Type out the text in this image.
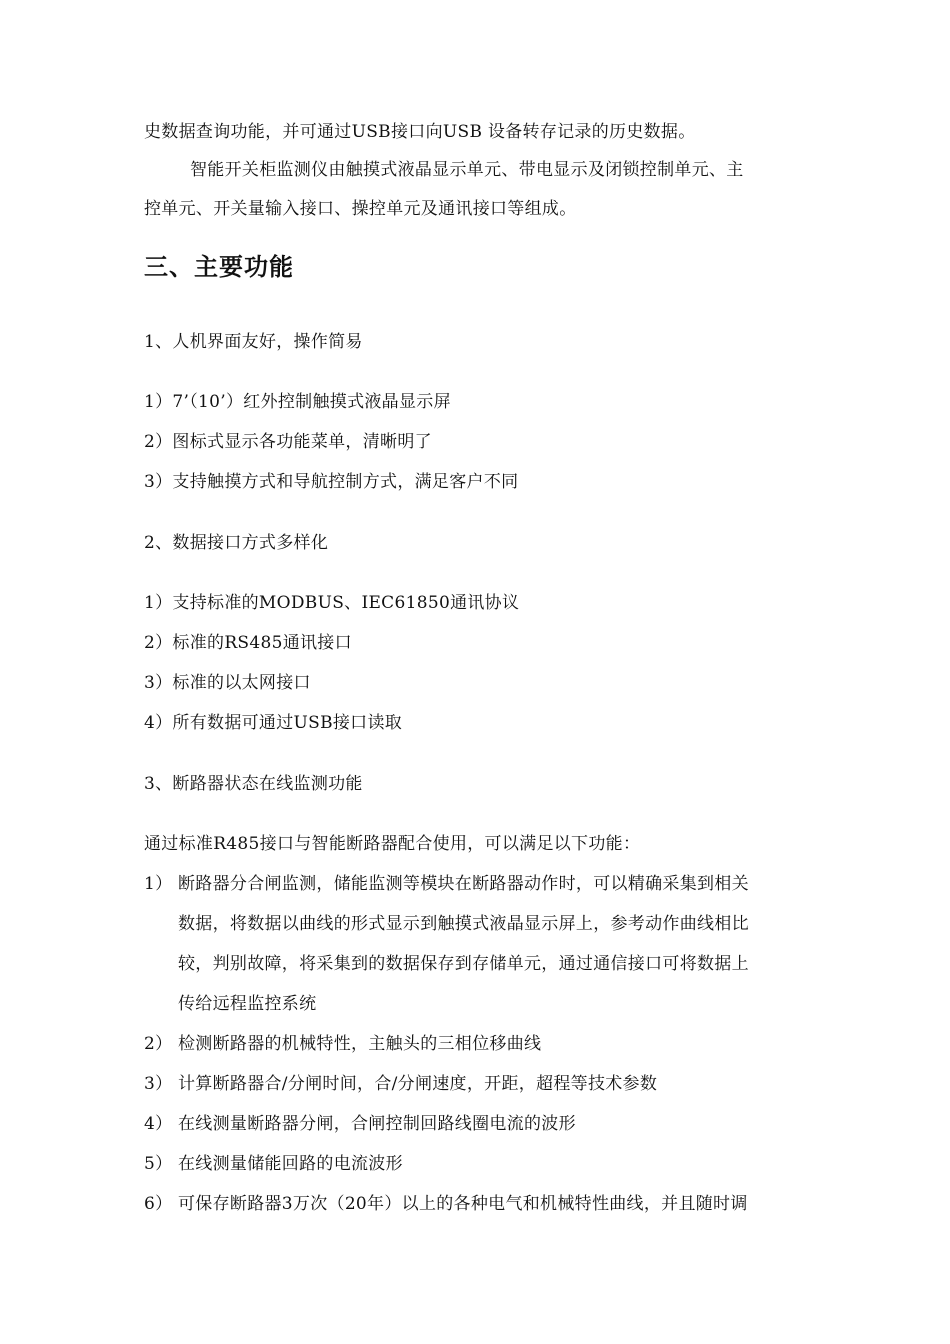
史数据查询功能，并可通过USB接口向USB 设备转存记录的历史数据。
智能开关柜监测仪由触摸式液晶显示单元、带电显示及闭锁控制单元、主
控单元、开关量输入接口、操控单元及通讯接口等组成。
三、主要功能
1、人机界面友好，操作简易
1）7’（10’）红外控制触摸式液晶显示屏
2）图标式显示各功能菜单，清晰明了
3）支持触摸方式和导航控制方式，满足客户不同
2、数据接口方式多样化
1）支持标准的MODBUS、IEC61850通讯协议
2）标准的RS485通讯接口
3）标准的以太网接口
4）所有数据可通过USB接口读取
3、断路器状态在线监测功能
通过标准R485接口与智能断路器配合使用，可以满足以下功能：
1） 断路器分合闸监测，储能监测等模块在断路器动作时，可以精确采集到相关
数据，将数据以曲线的形式显示到触摸式液晶显示屏上，参考动作曲线相比
较，判别故障，将采集到的数据保存到存储单元，通过通信接口可将数据上
传给远程监控系统
2） 检测断路器的机械特性，主触头的三相位移曲线
3） 计算断路器合/分闸时间，合/分闸速度，开距，超程等技术参数
4） 在线测量断路器分闸，合闸控制回路线圈电流的波形
5） 在线测量储能回路的电流波形
6） 可保存断路器3万次（20年）以上的各种电气和机械特性曲线，并且随时调
